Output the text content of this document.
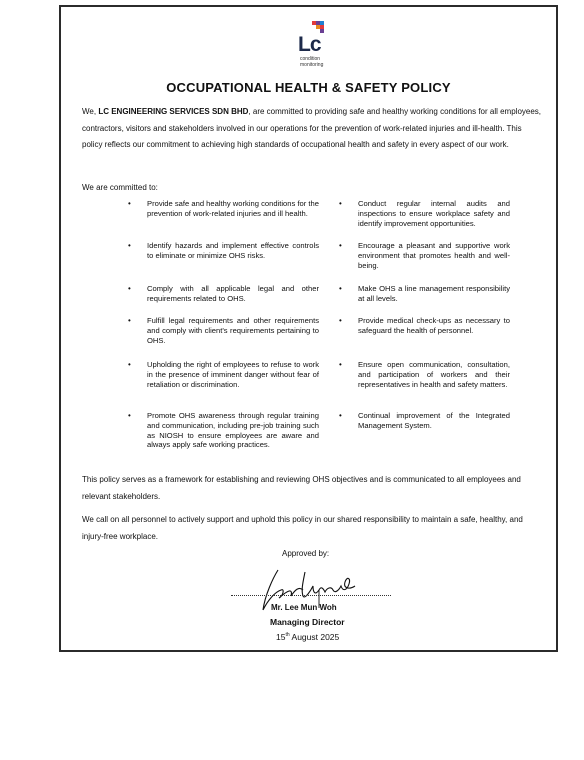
Lc
condition
monitoring
OCCUPATIONAL HEALTH & SAFETY POLICY

We, LC ENGINEERING SERVICES SDN BHD, are committed to providing safe and healthy working conditions for all employees, contractors, visitors and stakeholders involved in our operations for the prevention of work-related injuries and ill-health. This policy reflects our commitment to achieving high standards of occupational health and safety in every aspect of our work.

We are committed to:
• Provide safe and healthy working conditions for the prevention of work-related injuries and ill health.
• Identify hazards and implement effective controls to eliminate or minimize OHS risks.
• Comply with all applicable legal and other requirements related to OHS.
• Fulfill legal requirements and other requirements and comply with client's requirements pertaining to OHS.
• Upholding the right of employees to refuse to work in the presence of imminent danger without fear of retaliation or discrimination.
• Promote OHS awareness through regular training and communication, including pre-job training such as NIOSH to ensure employees are aware and always apply safe working practices.
• Conduct regular internal audits and inspections to ensure workplace safety and identify improvement opportunities.
• Encourage a pleasant and supportive work environment that promotes health and well-being.
• Make OHS a line management responsibility at all levels.
• Provide medical check-ups as necessary to safeguard the health of personnel.
• Ensure open communication, consultation, and participation of workers and their representatives in health and safety matters.
• Continual improvement of the Integrated Management System.

This policy serves as a framework for establishing and reviewing OHS objectives and is communicated to all employees and relevant stakeholders.

We call on all personnel to actively support and uphold this policy in our shared responsibility to maintain a safe, healthy, and injury-free workplace.

Approved by:
Mr. Lee Mun Woh
Managing Director
15th August 2025
